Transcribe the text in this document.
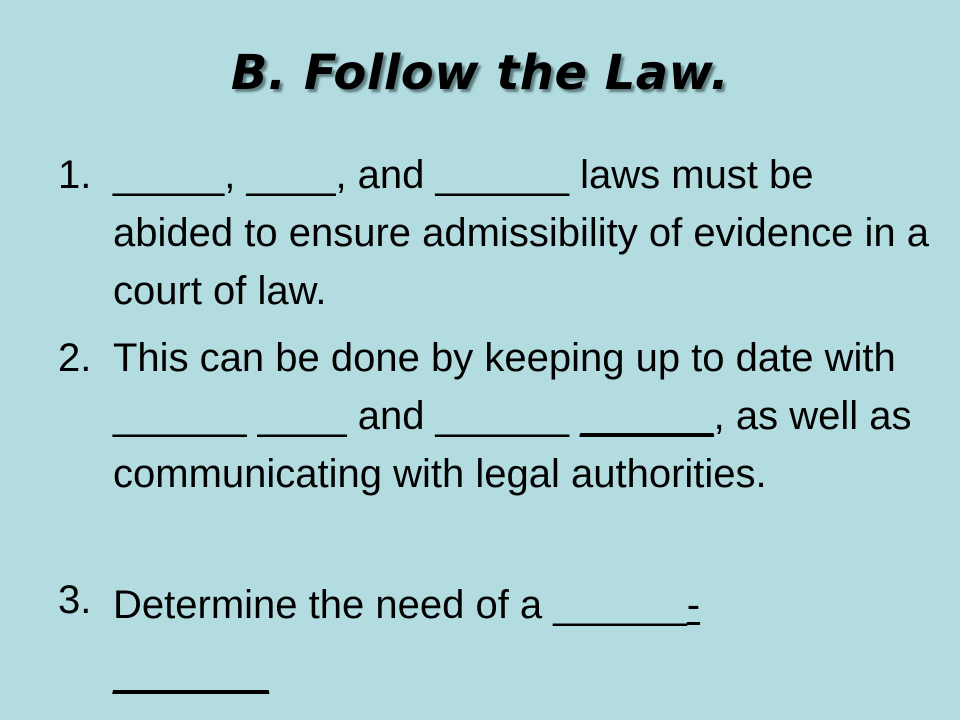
B. Follow the Law.
1. _____, ____, and ______ laws must be abided to ensure admissibility of evidence in a court of law.
2. This can be done by keeping up to date with ______ ____ and ______ ______, as well as communicating with legal authorities.
3. Determine the need of a ______-
_______
